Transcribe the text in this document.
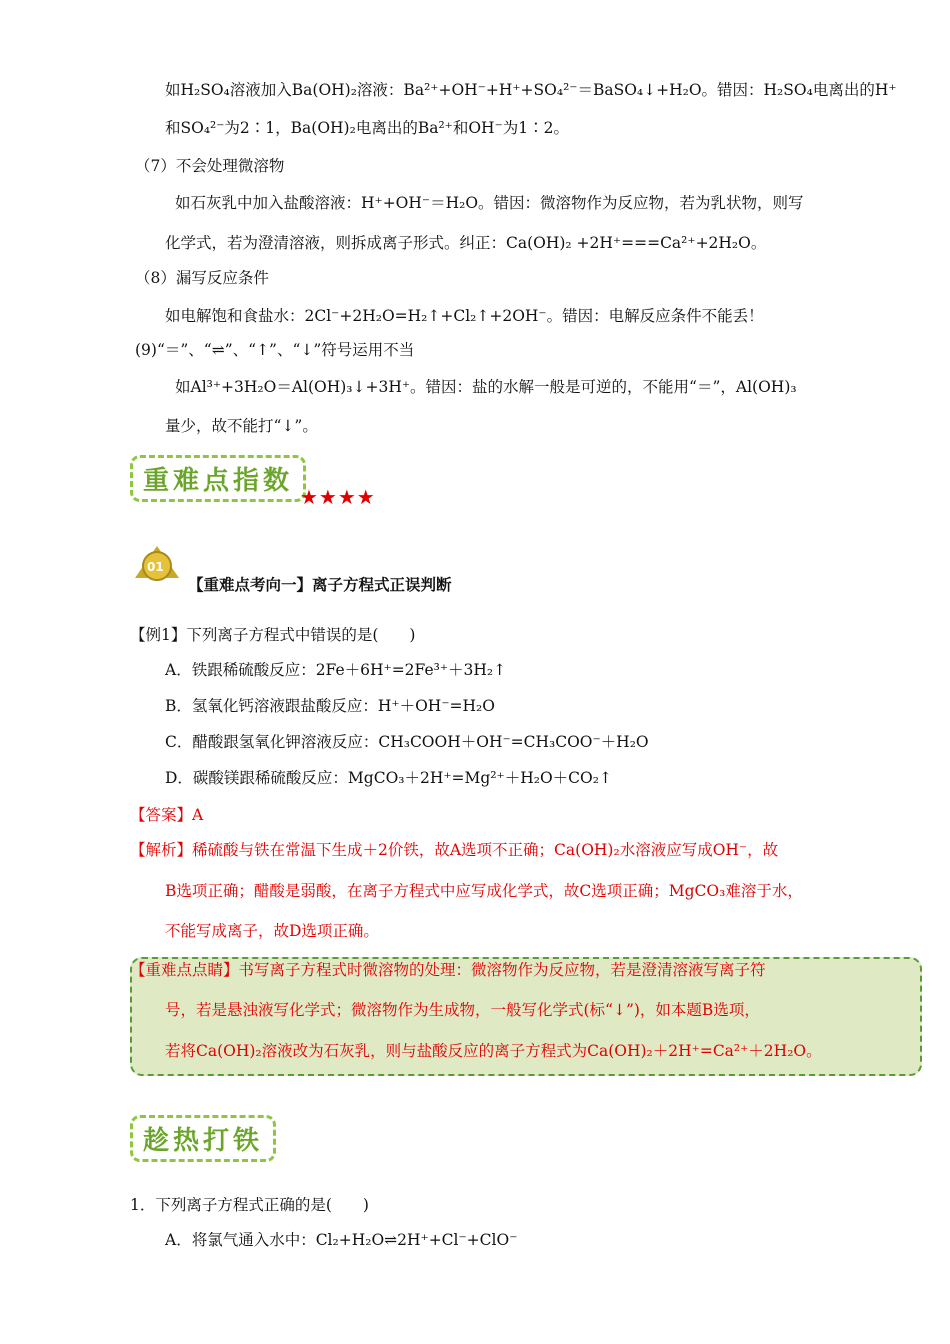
如H₂SO₄溶液加入Ba(OH)₂溶液：Ba²⁺+OH⁻+H⁺+SO₄²⁻＝BaSO₄↓+H₂O。错因：H₂SO₄电离出的H⁺
和SO₄²⁻为2∶1，Ba(OH)₂电离出的Ba²⁺和OH⁻为1∶2。
（7）不会处理微溶物
如石灰乳中加入盐酸溶液：H⁺+OH⁻＝H₂O。错因：微溶物作为反应物，若为乳状物，则写
化学式，若为澄清溶液，则拆成离子形式。纠正：Ca(OH)₂ +2H⁺===Ca²⁺+2H₂O。
（8）漏写反应条件
如电解饱和食盐水：2Cl⁻+2H₂O=H₂↑+Cl₂↑+2OH⁻。错因：电解反应条件不能丢！
(9)“＝”、“⇌”、“↑”、“↓”符号运用不当
如Al³⁺+3H₂O＝Al(OH)₃↓+3H⁺。错因：盐的水解一般是可逆的，不能用“＝”，Al(OH)₃
量少，故不能打“↓”。
重难点指数
★★★★
01
【重难点考向一】离子方程式正误判断
【例1】下列离子方程式中错误的是(　　)
A．铁跟稀硫酸反应：2Fe＋6H⁺=2Fe³⁺＋3H₂↑
B．氢氧化钙溶液跟盐酸反应：H⁺＋OH⁻=H₂O
C．醋酸跟氢氧化钾溶液反应：CH₃COOH＋OH⁻=CH₃COO⁻＋H₂O
D．碳酸镁跟稀硫酸反应：MgCO₃＋2H⁺=Mg²⁺＋H₂O＋CO₂↑
【答案】A
【解析】稀硫酸与铁在常温下生成＋2价铁，故A选项不正确；Ca(OH)₂水溶液应写成OH⁻，故
B选项正确；醋酸是弱酸，在离子方程式中应写成化学式，故C选项正确；MgCO₃难溶于水，
不能写成离子，故D选项正确。
【重难点点睛】书写离子方程式时微溶物的处理：微溶物作为反应物，若是澄清溶液写离子符
号，若是悬浊液写化学式；微溶物作为生成物，一般写化学式(标“↓”)，如本题B选项，
若将Ca(OH)₂溶液改为石灰乳，则与盐酸反应的离子方程式为Ca(OH)₂＋2H⁺=Ca²⁺＋2H₂O。
趁热打铁
1．下列离子方程式正确的是(　　)
A．将氯气通入水中：Cl₂+H₂O⇌2H⁺+Cl⁻+ClO⁻
